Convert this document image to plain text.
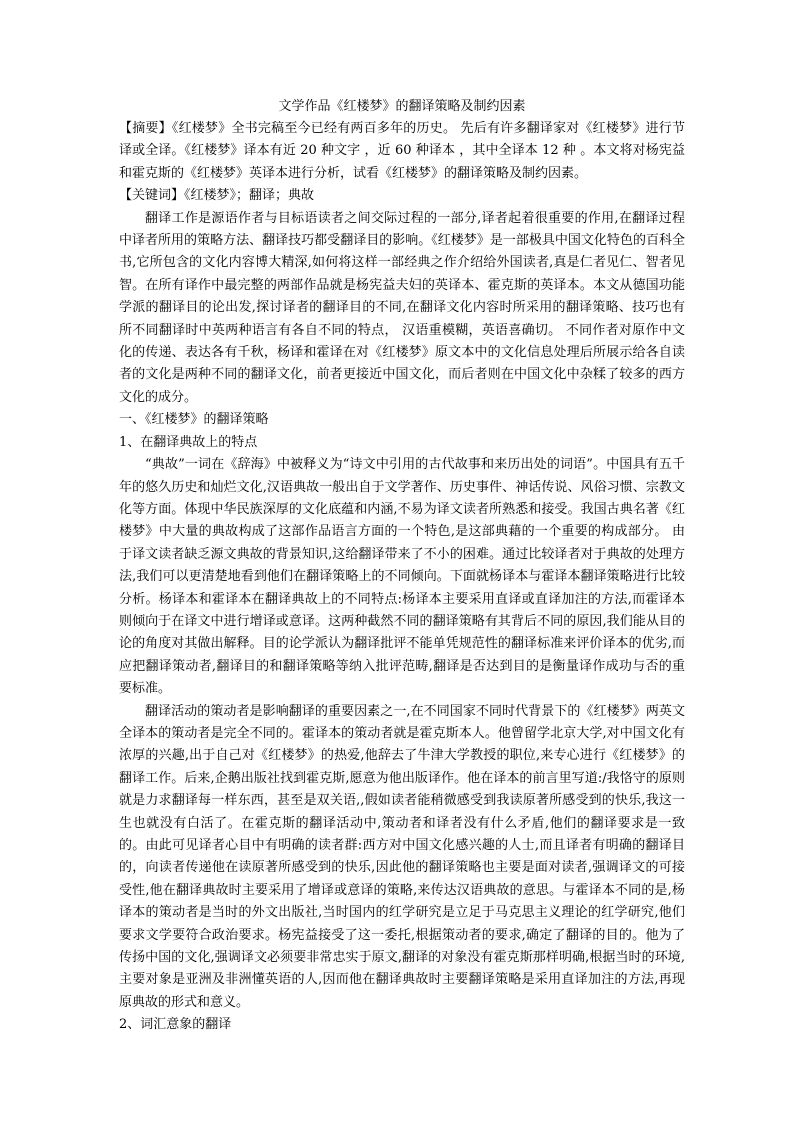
文学作品《红楼梦》的翻译策略及制约因素

【摘要】《红楼梦》全书完稿至今已经有两百多年的历史。 先后有许多翻译家对《红楼梦》进行节译或全译。《红楼梦》译本有近 20 种文字 ，近 60 种译本 ，其中全译本 12 种 。本文将对杨宪益和霍克斯的《红楼梦》英译本进行分析，试看《红楼梦》的翻译策略及制约因素。

【关键词】《红楼梦》；翻译；典故

翻译工作是源语作者与目标语读者之间交际过程的一部分,译者起着很重要的作用,在翻译过程中译者所用的策略方法、翻译技巧都受翻译目的影响。《红楼梦》是一部极具中国文化特色的百科全书,它所包含的文化内容博大精深,如何将这样一部经典之作介绍给外国读者,真是仁者见仁、智者见智。在所有译作中最完整的两部作品就是杨宪益夫妇的英译本、霍克斯的英译本。本文从德国功能学派的翻译目的论出发,探讨译者的翻译目的不同,在翻译文化内容时所采用的翻译策略、技巧也有所不同翻译时中英两种语言有各自不同的特点， 汉语重模糊，英语喜确切。 不同作者对原作中文化的传递、表达各有千秋，杨译和霍译在对《红楼梦》原文本中的文化信息处理后所展示给各自读者的文化是两种不同的翻译文化，前者更接近中国文化，而后者则在中国文化中杂糅了较多的西方文化的成分。

一、《红楼梦》的翻译策略

1、在翻译典故上的特点

“典故”一词在《辞海》中被释义为“诗文中引用的古代故事和来历出处的词语”。中国具有五千年的悠久历史和灿烂文化,汉语典故一般出自于文学著作、历史事件、神话传说、风俗习惯、宗教文化等方面。体现中华民族深厚的文化底蕴和内涵,不易为译文读者所熟悉和接受。我国古典名著《红楼梦》中大量的典故构成了这部作品语言方面的一个特色,是这部典藉的一个重要的构成部分。 由于译文读者缺乏源文典故的背景知识,这给翻译带来了不小的困难。通过比较译者对于典故的处理方法,我们可以更清楚地看到他们在翻译策略上的不同倾向。下面就杨译本与霍译本翻译策略进行比较分析。杨译本和霍译本在翻译典故上的不同特点:杨译本主要采用直译或直译加注的方法,而霍译本则倾向于在译文中进行增译或意译。这两种截然不同的翻译策略有其背后不同的原因,我们能从目的论的角度对其做出解释。目的论学派认为翻译批评不能单凭规范性的翻译标准来评价译本的优劣,而应把翻译策动者,翻译目的和翻译策略等纳入批评范畴,翻译是否达到目的是衡量译作成功与否的重要标准。

翻译活动的策动者是影响翻译的重要因素之一,在不同国家不同时代背景下的《红楼梦》两英文全译本的策动者是完全不同的。霍译本的策动者就是霍克斯本人。他曾留学北京大学,对中国文化有浓厚的兴趣,出于自己对《红楼梦》的热爱,他辞去了牛津大学教授的职位,来专心进行《红楼梦》的翻译工作。后来,企鹅出版社找到霍克斯,愿意为他出版译作。他在译本的前言里写道:/我恪守的原则就是力求翻译每一样东西，甚至是双关语,,假如读者能稍微感受到我读原著所感受到的快乐,我这一生也就没有白活了。在霍克斯的翻译活动中,策动者和译者没有什么矛盾,他们的翻译要求是一致的。由此可见译者心目中有明确的读者群:西方对中国文化感兴趣的人士,而且译者有明确的翻译目的，向读者传递他在读原著所感受到的快乐,因此他的翻译策略也主要是面对读者,强调译文的可接受性,他在翻译典故时主要采用了增译或意译的策略,来传达汉语典故的意思。与霍译本不同的是,杨译本的策动者是当时的外文出版社,当时国内的红学研究是立足于马克思主义理论的红学研究,他们要求文学要符合政治要求。杨宪益接受了这一委托,根据策动者的要求,确定了翻译的目的。他为了传扬中国的文化,强调译文必须要非常忠实于原文,翻译的对象没有霍克斯那样明确,根据当时的环境,主要对象是亚洲及非洲懂英语的人,因而他在翻译典故时主要翻译策略是采用直译加注的方法,再现原典故的形式和意义。

2、词汇意象的翻译
